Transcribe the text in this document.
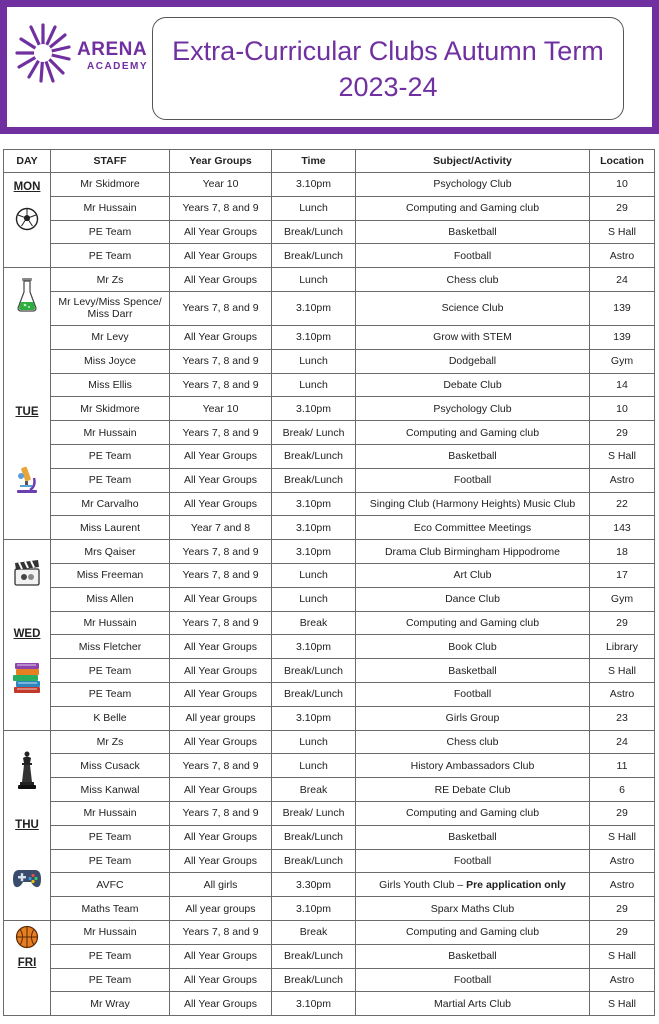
ARENA
ACADEMY
Extra-Curricular Clubs Autumn Term
2023-24
DAY	STAFF	Year Groups	Time	Subject/Activity	Location

MON	Mr Skidmore	Year 10	3.10pm	Psychology Club	10
	Mr Hussain	Years 7, 8 and 9	Lunch	Computing and Gaming club	29
	PE Team	All Year Groups	Break/Lunch	Basketball	S Hall
	PE Team	All Year Groups	Break/Lunch	Football	Astro

TUE	Mr Zs	All Year Groups	Lunch	Chess club	24
	Mr Levy/Miss Spence/ Miss Darr	Years 7, 8 and 9	3.10pm	Science Club	139
	Mr Levy	All Year Groups	3.10pm	Grow with STEM	139
	Miss Joyce	Years 7, 8 and 9	Lunch	Dodgeball	Gym
	Miss Ellis	Years 7, 8 and 9	Lunch	Debate Club	14
	Mr Skidmore	Year 10	3.10pm	Psychology Club	10
	Mr Hussain	Years 7, 8 and 9	Break/ Lunch	Computing and Gaming club	29
	PE Team	All Year Groups	Break/Lunch	Basketball	S Hall
	PE Team	All Year Groups	Break/Lunch	Football	Astro
	Mr Carvalho	All Year Groups	3.10pm	Singing Club (Harmony Heights) Music Club	22
	Miss Laurent	Year 7 and 8	3.10pm	Eco Committee Meetings	143

WED	Mrs Qaiser	Years 7, 8 and 9	3.10pm	Drama Club Birmingham Hippodrome	18
	Miss Freeman	Years 7, 8 and 9	Lunch	Art Club	17
	Miss Allen	All Year Groups	Lunch	Dance Club	Gym
	Mr Hussain	Years 7, 8 and 9	Break	Computing and Gaming club	29
	Miss Fletcher	All Year Groups	3.10pm	Book Club	Library
	PE Team	All Year Groups	Break/Lunch	Basketball	S Hall
	PE Team	All Year Groups	Break/Lunch	Football	Astro
	K Belle	All year groups	3.10pm	Girls Group	23

THU	Mr Zs	All Year Groups	Lunch	Chess club	24
	Miss Cusack	Years 7, 8 and 9	Lunch	History Ambassadors Club	11
	Miss Kanwal	All Year Groups	Break	RE Debate Club	6
	Mr Hussain	Years 7, 8 and 9	Break/ Lunch	Computing and Gaming club	29
	PE Team	All Year Groups	Break/Lunch	Basketball	S Hall
	PE Team	All Year Groups	Break/Lunch	Football	Astro
	AVFC	All girls	3.30pm	Girls Youth Club – Pre application only	Astro
	Maths Team	All year groups	3.10pm	Sparx Maths Club	29

FRI	Mr Hussain	Years 7, 8 and 9	Break	Computing and Gaming club	29
	PE Team	All Year Groups	Break/Lunch	Basketball	S Hall
	PE Team	All Year Groups	Break/Lunch	Football	Astro
	Mr Wray	All Year Groups	3.10pm	Martial Arts Club	S Hall
